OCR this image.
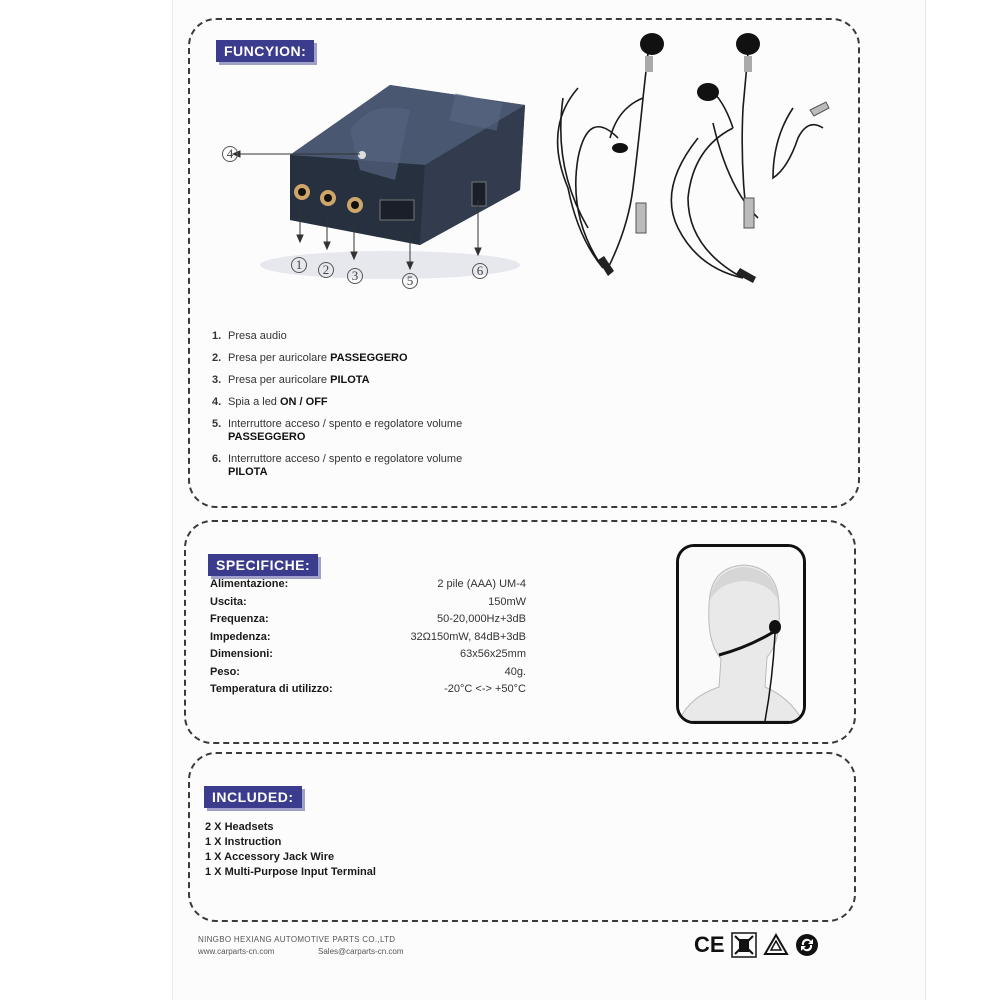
FUNCYION:
SPECIFICHE:
INCLUDED:
4
1	2	3	5
6
1. Presa audio
2. Presa per auricolare PASSEGGERO
3. Presa per auricolare PILOTA
4. Spia a led ON / OFF
5. Interruttore acceso / spento e regolatore volume PASSEGGERO
6. Interruttore acceso / spento e regolatore volume PILOTA
Alimentazione:	2 pile (AAA) UM-4
Uscita:	150mW
Frequenza:	50-20,000Hz+3dB
Impedenza:	32Ω150mW, 84dB+3dB
Dimensioni:	63x56x25mm
Peso:	40g.
Temperatura di utilizzo:	-20°C <-> +50°C
2 X Headsets
1 X Instruction
1 X Accessory Jack Wire
1 X Multi-Purpose Input Terminal
NINGBO HEXIANG AUTOMOTIVE PARTS CO.,LTD
www.carparts-cn.com	Sales@carparts-cn.com	CE
